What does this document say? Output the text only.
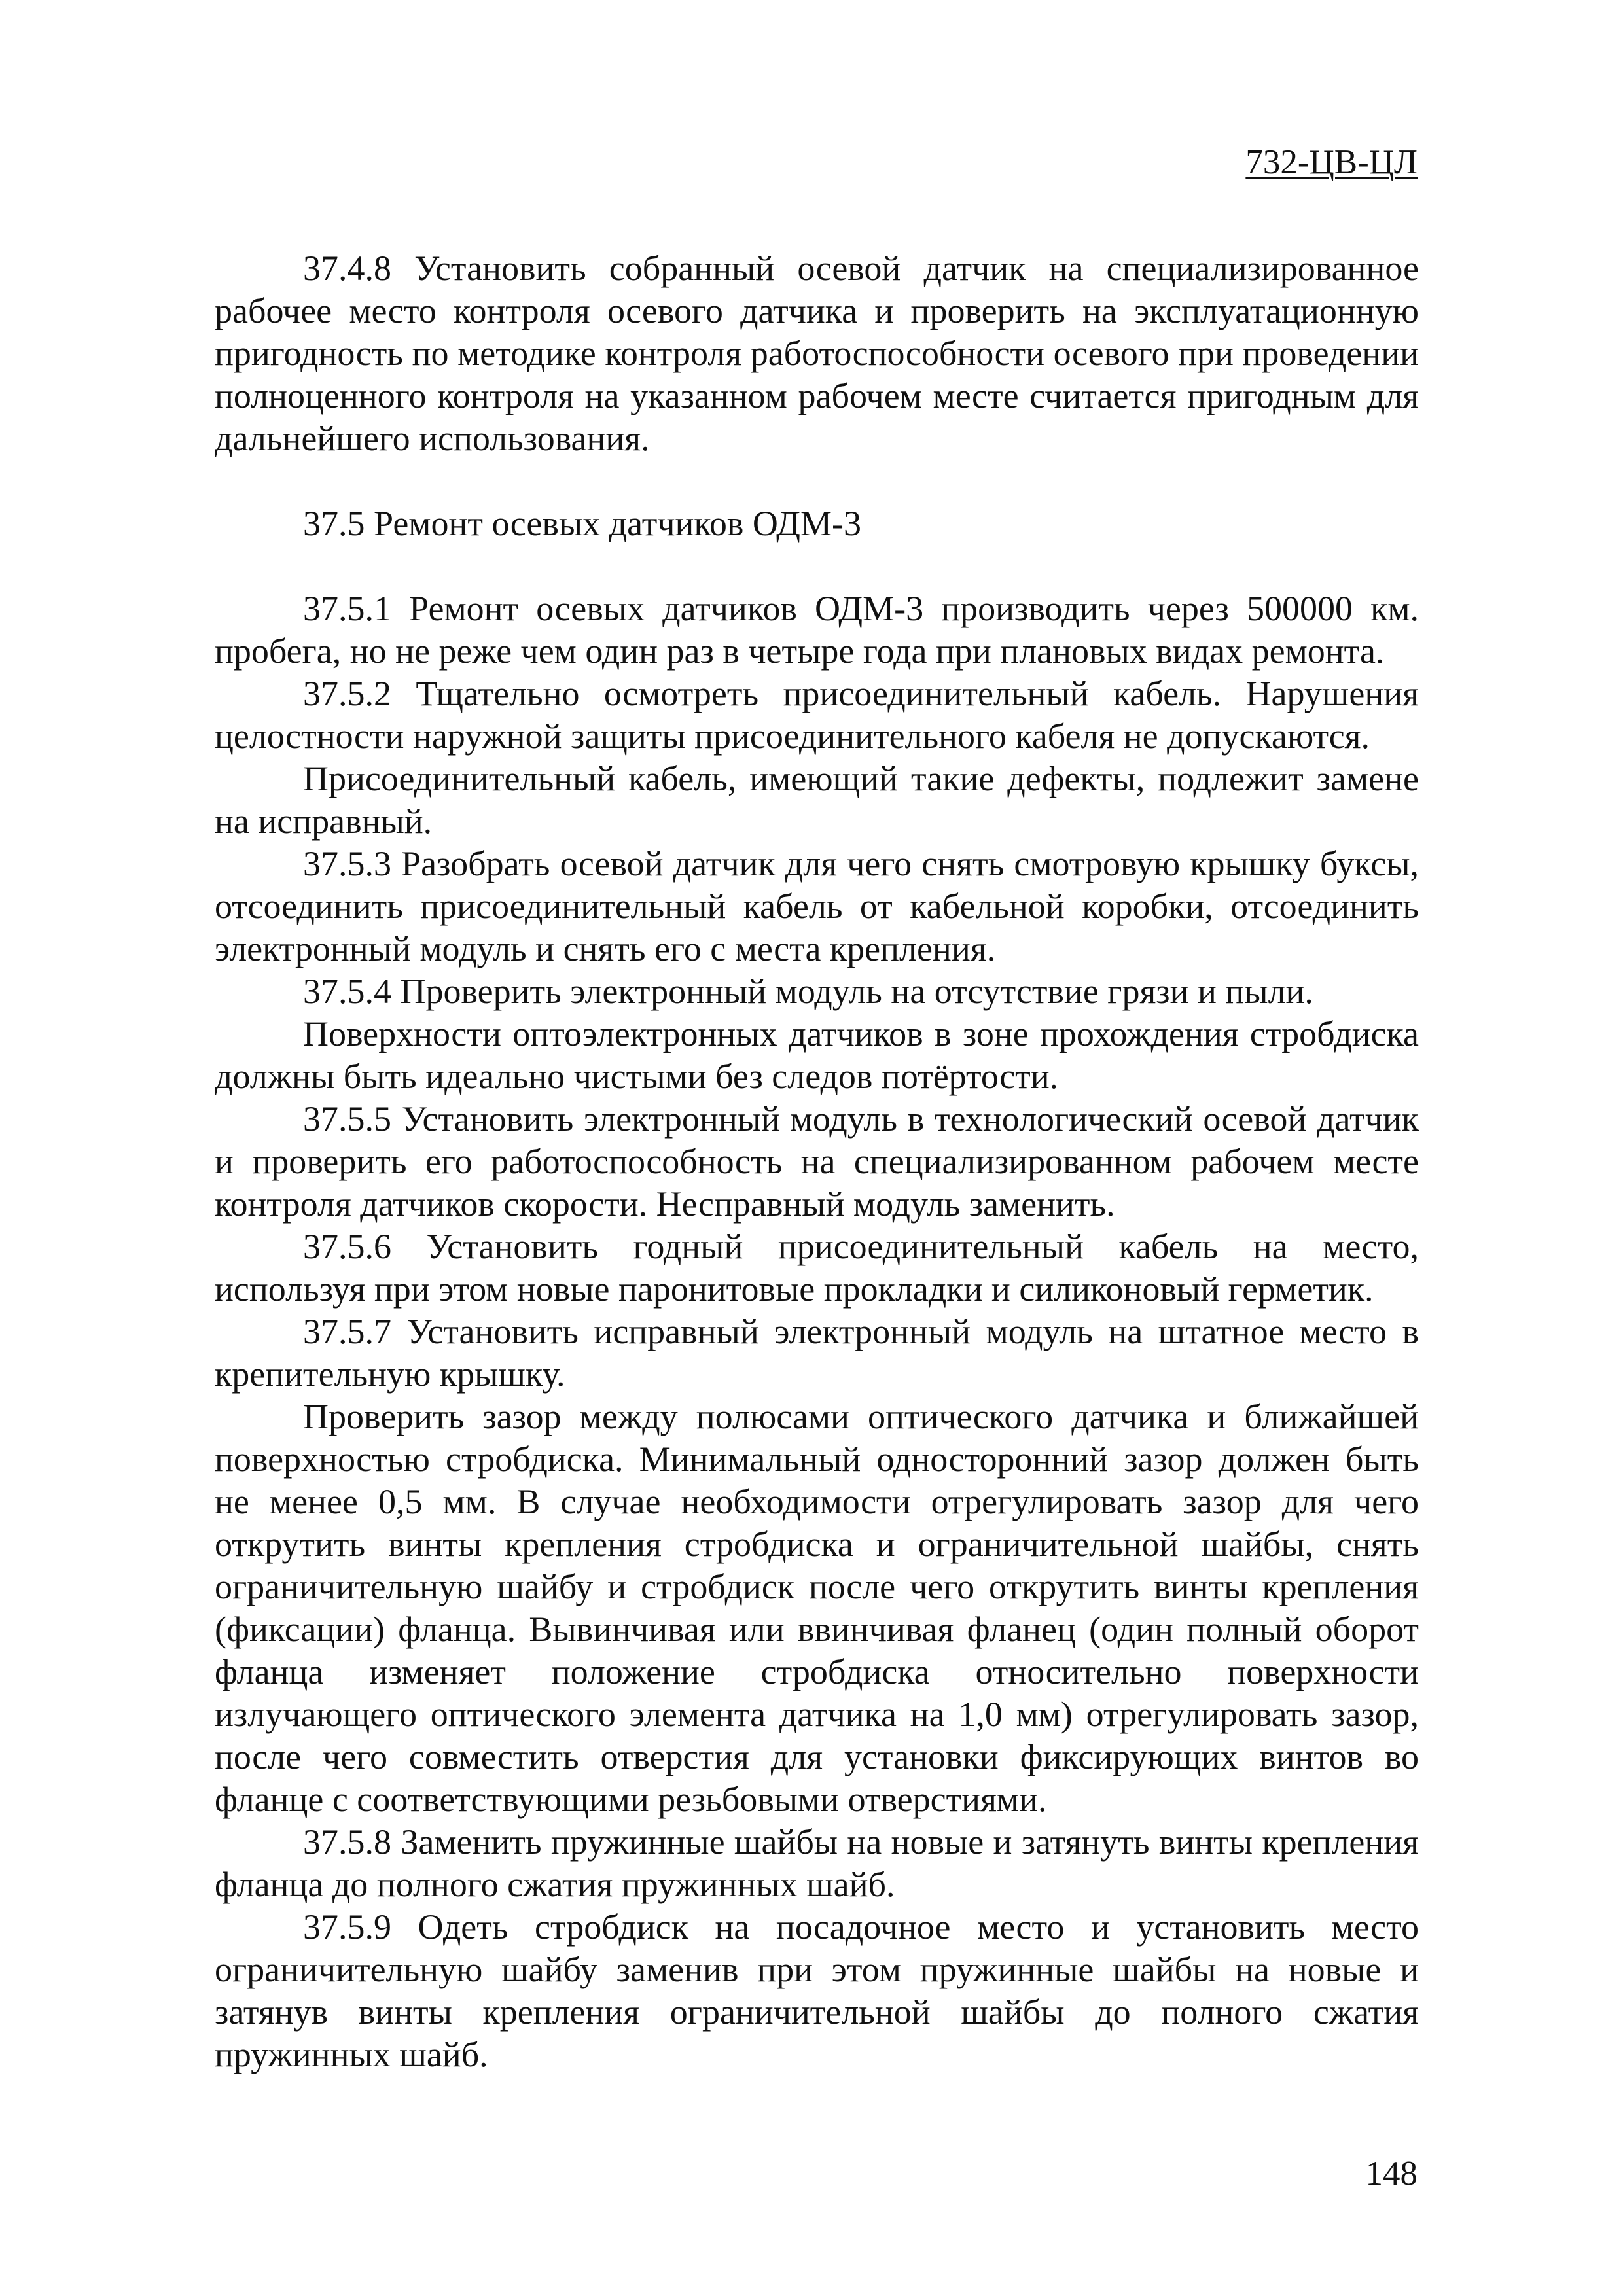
732-ЦВ-ЦЛ

37.4.8 Установить собранный осевой датчик на специализированное рабочее место контроля осевого датчика и проверить на эксплуатационную пригодность по методике контроля работоспособности осевого при проведении полноценного контроля на указанном рабочем месте считается пригодным для дальнейшего использования.

37.5 Ремонт осевых датчиков ОДМ-3

37.5.1 Ремонт осевых датчиков ОДМ-3 производить через 500000 км. пробега, но не реже чем один раз в четыре года при плановых видах ремонта.

37.5.2 Тщательно осмотреть присоединительный кабель. Нарушения целостности наружной защиты присоединительного кабеля не допускаются.

Присоединительный кабель, имеющий такие дефекты, подлежит замене на исправный.

37.5.3 Разобрать осевой датчик для чего снять смотровую крышку буксы, отсоединить присоединительный кабель от кабельной коробки, отсоединить электронный модуль и снять его с места крепления.

37.5.4 Проверить электронный модуль на отсутствие грязи и пыли.

Поверхности оптоэлектронных датчиков в зоне прохождения стробдиска должны быть идеально чистыми без следов потёртости.

37.5.5 Установить электронный модуль в технологический осевой датчик и проверить его работоспособность на специализированном рабочем месте контроля датчиков скорости. Несправный модуль заменить.

37.5.6 Установить годный присоединительный кабель на место, используя при этом новые паронитовые прокладки и силиконовый герметик.

37.5.7 Установить исправный электронный модуль на штатное место в крепительную крышку.

Проверить зазор между полюсами оптического датчика и ближайшей поверхностью стробдиска. Минимальный односторонний зазор должен быть не менее 0,5 мм. В случае необходимости отрегулировать зазор для чего открутить винты крепления стробдиска и ограничительной шайбы, снять ограничительную шайбу и стробдиск после чего открутить винты крепления (фиксации) фланца. Вывинчивая или ввинчивая фланец (один полный оборот фланца изменяет положение стробдиска относительно поверхности излучающего оптического элемента датчика на 1,0 мм) отрегулировать зазор, после чего совместить отверстия для установки фиксирующих винтов во фланце с соответствующими резьбовыми отверстиями.

37.5.8 Заменить пружинные шайбы на новые и затянуть винты крепления фланца до полного сжатия пружинных шайб.

37.5.9 Одеть стробдиск на посадочное место и установить место ограничительную шайбу заменив при этом пружинные шайбы на новые и затянув винты крепления ограничительной шайбы до полного сжатия пружинных шайб.

148
